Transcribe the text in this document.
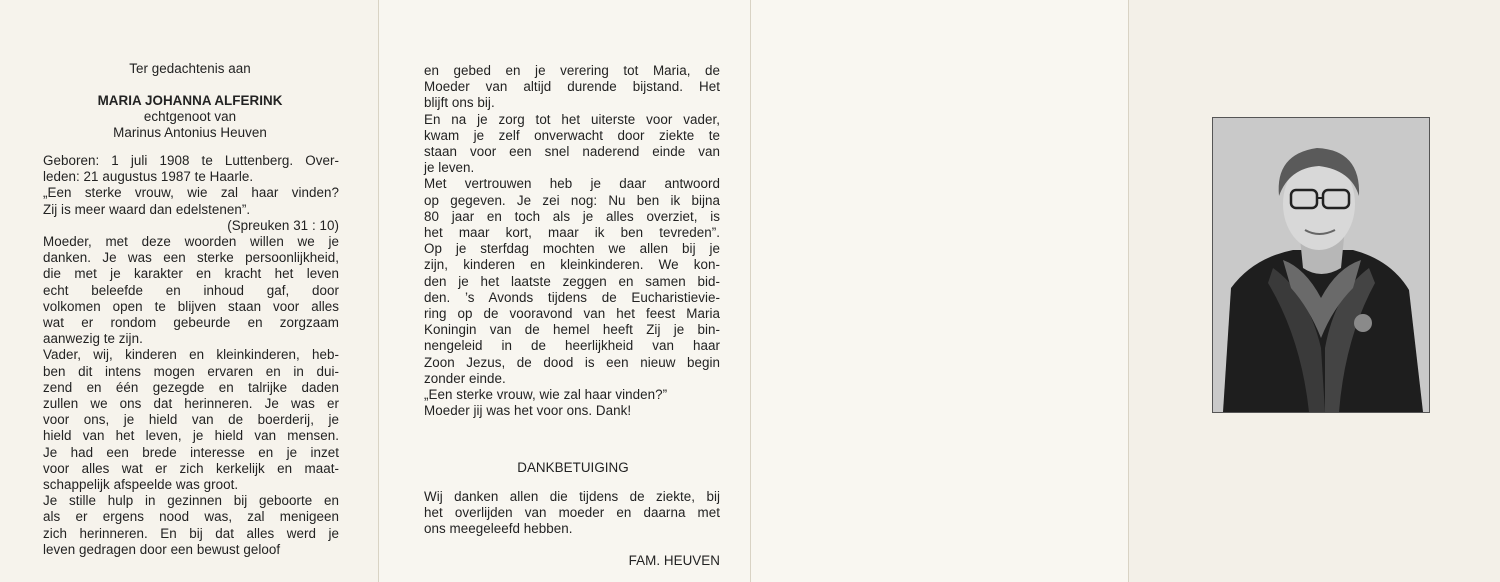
Ter gedachtenis aan
MARIA JOHANNA ALFERINK
echtgenoot van
Marinus Antonius Heuven
Geboren: 1 juli 1908 te Luttenberg. Over-
leden: 21 augustus 1987 te Haarle.
„Een sterke vrouw, wie zal haar vinden?
Zij is meer waard dan edelstenen”.
(Spreuken 31 : 10)
Moeder, met deze woorden willen we je
danken. Je was een sterke persoonlijkheid,
die met je karakter en kracht het leven
echt beleefde en inhoud gaf, door
volkomen open te blijven staan voor alles
wat er rondom gebeurde en zorgzaam
aanwezig te zijn.
Vader, wij, kinderen en kleinkinderen, heb-
ben dit intens mogen ervaren en in dui-
zend en één gezegde en talrijke daden
zullen we ons dat herinneren. Je was er
voor ons, je hield van de boerderij, je
hield van het leven, je hield van mensen.
Je had een brede interesse en je inzet
voor alles wat er zich kerkelijk en maat-
schappelijk afspeelde was groot.
Je stille hulp in gezinnen bij geboorte en
als er ergens nood was, zal menigeen
zich herinneren. En bij dat alles werd je
leven gedragen door een bewust geloof
en gebed en je verering tot Maria, de
Moeder van altijd durende bijstand. Het
blijft ons bij.
En na je zorg tot het uiterste voor vader,
kwam je zelf onverwacht door ziekte te
staan voor een snel naderend einde van
je leven.
Met vertrouwen heb je daar antwoord
op gegeven. Je zei nog: Nu ben ik bijna
80 jaar en toch als je alles overziet, is
het maar kort, maar ik ben tevreden”.
Op je sterfdag mochten we allen bij je
zijn, kinderen en kleinkinderen. We kon-
den je het laatste zeggen en samen bid-
den. ’s Avonds tijdens de Eucharistievie-
ring op de vooravond van het feest Maria
Koningin van de hemel heeft Zij je bin-
nengeleid in de heerlijkheid van haar
Zoon Jezus, de dood is een nieuw begin
zonder einde.
„Een sterke vrouw, wie zal haar vinden?”
Moeder jij was het voor ons. Dank!
DANKBETUIGING
Wij danken allen die tijdens de ziekte, bij
het overlijden van moeder en daarna met
ons meegeleefd hebben.
FAM. HEUVEN
